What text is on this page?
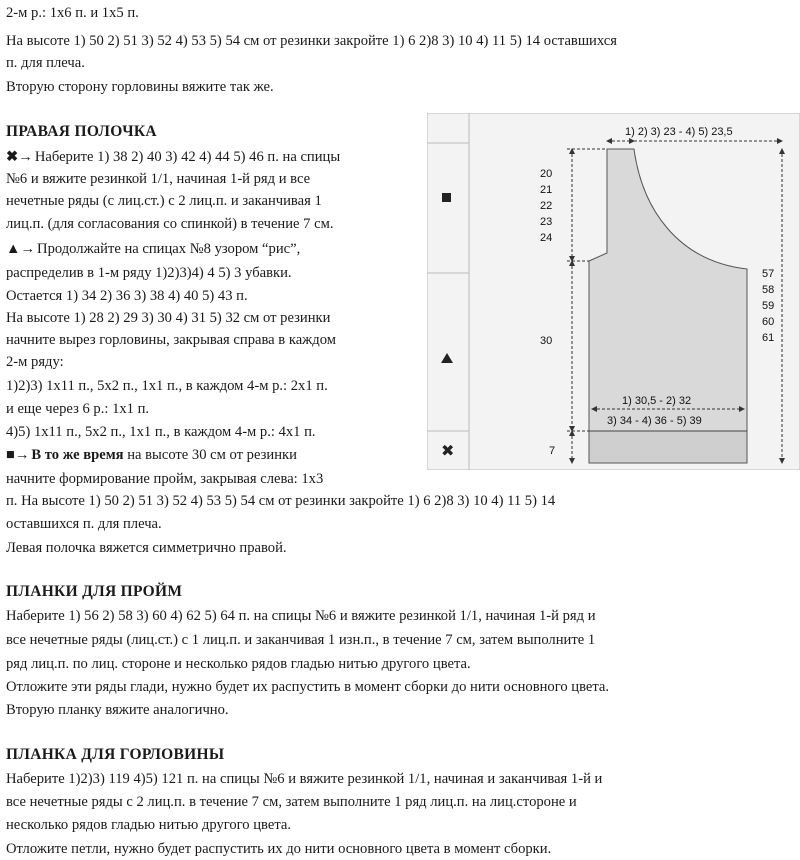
2-м р.: 1х6 п. и 1х5 п.
На высоте 1) 50 2) 51 3) 52 4) 53 5) 54 см от резинки закройте 1) 6 2)8 3) 10 4) 11 5) 14 оставшихся
п. для плеча.
Вторую сторону горловины вяжите так же.
ПРАВАЯ ПОЛОЧКА
✖→ Наберите 1) 38 2) 40 3) 42 4) 44 5) 46 п. на спицы
№6 и вяжите резинкой 1/1, начиная 1-й ряд и все
нечетные ряды (с лиц.ст.) с 2 лиц.п. и заканчивая 1
лиц.п. (для согласования со спинкой) в течение 7 см.
▲→ Продолжайте на спицах №8 узором “рис”,
распределив в 1-м ряду 1)2)3)4) 4 5) 3 убавки.
Остается 1) 34 2) 36 3) 38 4) 40 5) 43 п.
На высоте 1) 28 2) 29 3) 30 4) 31 5) 32 см от резинки
начните вырез горловины, закрывая справа в каждом
2-м ряду:
1)2)3) 1х11 п., 5х2 п., 1х1 п., в каждом 4-м р.: 2х1 п.
и еще через 6 р.: 1х1 п.
4)5) 1х11 п., 5х2 п., 1х1 п., в каждом 4-м р.: 4х1 п.
■→ В то же время на высоте 30 см от резинки
начните формирование пройм, закрывая слева: 1х3
п. На высоте 1) 50 2) 51 3) 52 4) 53 5) 54 см от резинки закройте 1) 6 2)8 3) 10 4) 11 5) 14
оставшихся п. для плеча.
Левая полочка вяжется симметрично правой.
ПЛАНКИ ДЛЯ ПРОЙМ
Наберите 1) 56 2) 58 3) 60 4) 62 5) 64 п. на спицы №6 и вяжите резинкой 1/1, начиная 1-й ряд и
все нечетные ряды (лиц.ст.) с 1 лиц.п. и заканчивая 1 изн.п., в течение 7 см, затем выполните 1
ряд лиц.п. по лиц. стороне и несколько рядов гладью нитью другого цвета.
Отложите эти ряды глади, нужно будет их распустить в момент сборки до нити основного цвета.
Вторую планку вяжите аналогично.
ПЛАНКА ДЛЯ ГОРЛОВИНЫ
Наберите 1)2)3) 119 4)5) 121 п. на спицы №6 и вяжите резинкой 1/1, начиная и заканчивая 1-й и
все нечетные ряды с 2 лиц.п. в течение 7 см, затем выполните 1 ряд лиц.п. на лиц.стороне и
несколько рядов гладью нитью другого цвета.
Отложите петли, нужно будет распустить их до нити основного цвета в момент сборки.
✖
1) 2) 3) 23 - 4) 5) 23,5
57
58
59
60
61
20
21
22
23
24
30
1) 30,5 - 2) 32
3) 34 - 4) 36 - 5) 39
7
